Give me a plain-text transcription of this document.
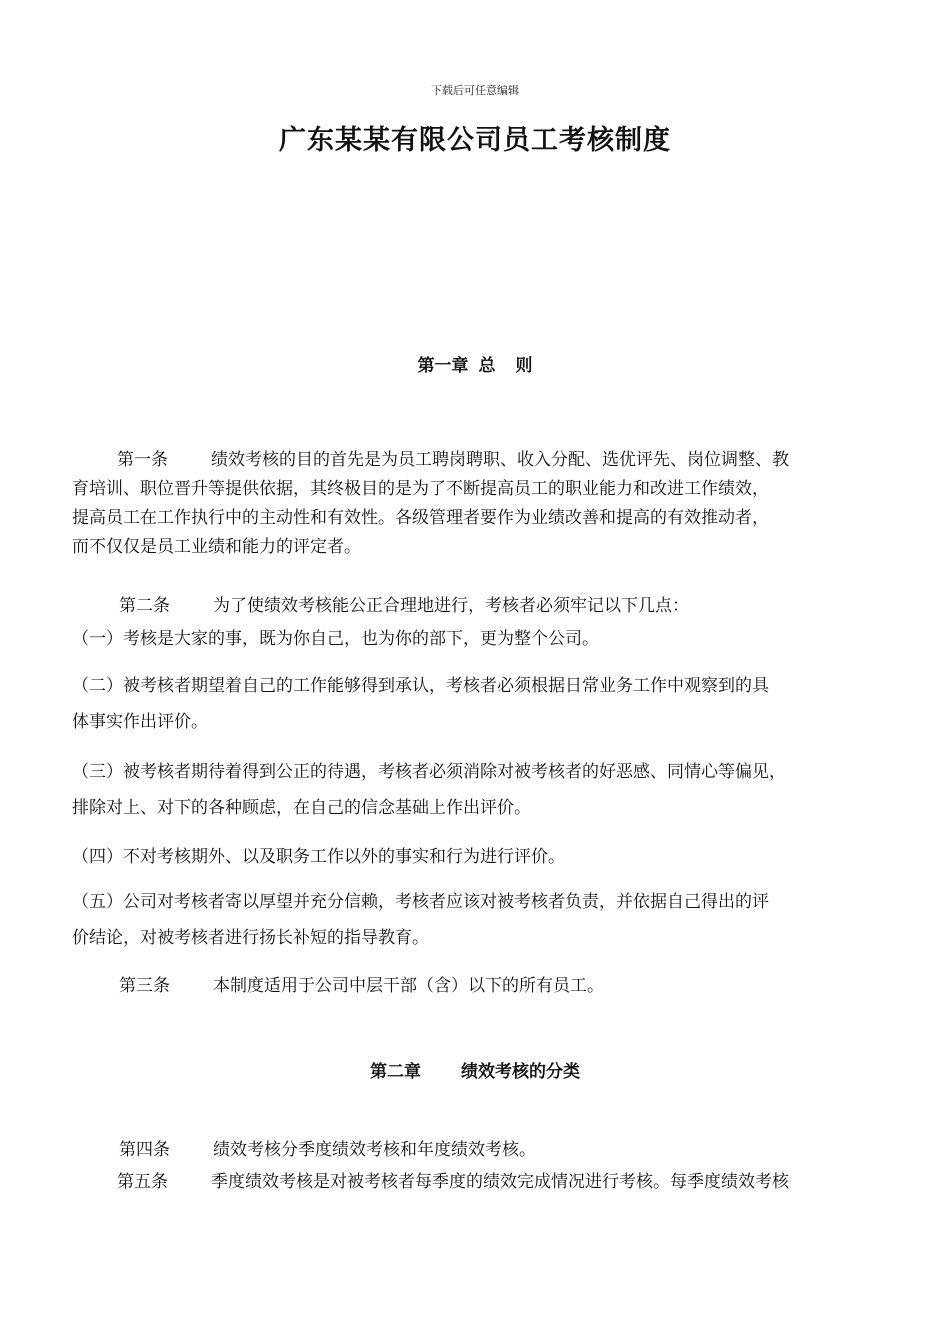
下载后可任意编辑
广东某某有限公司员工考核制度
第一章 总 则

第一条	绩效考核的目的首先是为员工聘岗聘职、收入分配、选优评先、岗位调整、教
育培训、职位晋升等提供依据，其终极目的是为了不断提高员工的职业能力和改进工作绩效，
提高员工在工作执行中的主动性和有效性。各级管理者要作为业绩改善和提高的有效推动者，
而不仅仅是员工业绩和能力的评定者。

第二条	为了使绩效考核能公正合理地进行，考核者必须牢记以下几点：

（一）考核是大家的事，既为你自己，也为你的部下，更为整个公司。

（二）被考核者期望着自己的工作能够得到承认，考核者必须根据日常业务工作中观察到的具
体事实作出评价。

（三）被考核者期待着得到公正的待遇，考核者必须消除对被考核者的好恶感、同情心等偏见，
排除对上、对下的各种顾虑，在自己的信念基础上作出评价。

（四）不对考核期外、以及职务工作以外的事实和行为进行评价。

（五）公司对考核者寄以厚望并充分信赖，考核者应该对被考核者负责，并依据自己得出的评
价结论，对被考核者进行扬长补短的指导教育。

第三条	本制度适用于公司中层干部（含）以下的所有员工。

第二章 绩效考核的分类

第四条	绩效考核分季度绩效考核和年度绩效考核。

第五条	季度绩效考核是对被考核者每季度的绩效完成情况进行考核。每季度绩效考核
